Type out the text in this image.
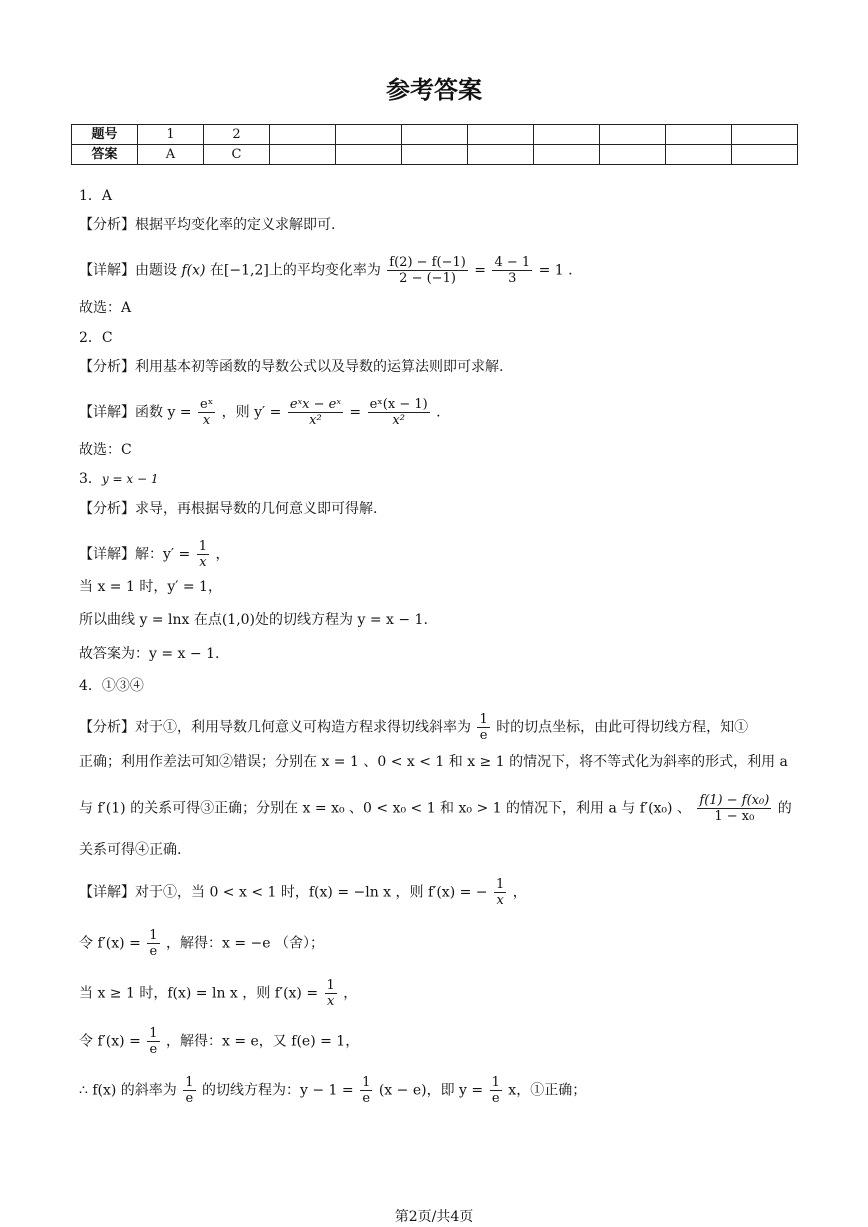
参考答案
题号	1	2								
答案	A	C								
1．A
【分析】根据平均变化率的定义求解即可.
【详解】由题设 f(x) 在[−1,2]上的平均变化率为 $\frac{f(2) - f(-1)}{2 - (-1)} = \frac{4 - 1}{3} = 1$ .
故选：A
2．C
【分析】利用基本初等函数的导数公式以及导数的运算法则即可求解.
【详解】函数 $y = \frac{\text{eˣ}}{x}$ ，则 y′ = eˣx − eˣ
x²	= $\frac{\text{eˣ(x − 1)}}{\text{x²}}$ .
故选：C
3．y = x − 1
【分析】求导，再根据导数的几何意义即可得解.
【详解】解：$y' = \frac{1}{x}$ ，
当 x = 1 时，y′ = 1，
所以曲线 y = lnx 在点(1,0)处的切线方程为 y = x − 1.
故答案为：y = x − 1.
4．①③④
【分析】对于①，利用导数几何意义可构造方程求得切线斜率为 $\frac{1}{e}$ 时的切点坐标，由此可得切线方程，知①
正确；利用作差法可知②错误；分别在 x = 1 、0 < x < 1 和 x ≥ 1 的情况下，将不等式化为斜率的形式，利用 a
与 f′(1) 的关系可得③正确；分别在 x = x₀ 、0 < x₀ < 1 和 x₀ > 1 的情况下，利用 a 与 f′(x₀) 、 $\frac{\text{f(1) − f(x₀)}}{\text{1 − x₀}}$ 的
关系可得④正确.
【详解】对于①，当 0 < x < 1 时，f(x) = −ln x ，则 f′(x) = − $\frac{1}{x}$ ，
令 $f'(x) = \frac{1}{e}$ ，解得：x = −e （舍）；
当 x ≥ 1 时，f(x) = ln x ，则 $f'(x) = \frac{1}{x}$ ，
令 $f'(x) = \frac{1}{e}$ ，解得：x = e，又 f(e) = 1，
∴ f(x) 的斜率为 $\frac{1}{e}$ 的切线方程为：$y - 1 = \frac{1}{e} (x - e)$，即 $y = \frac{1}{e}$ x，①正确；
第2页/共4页
